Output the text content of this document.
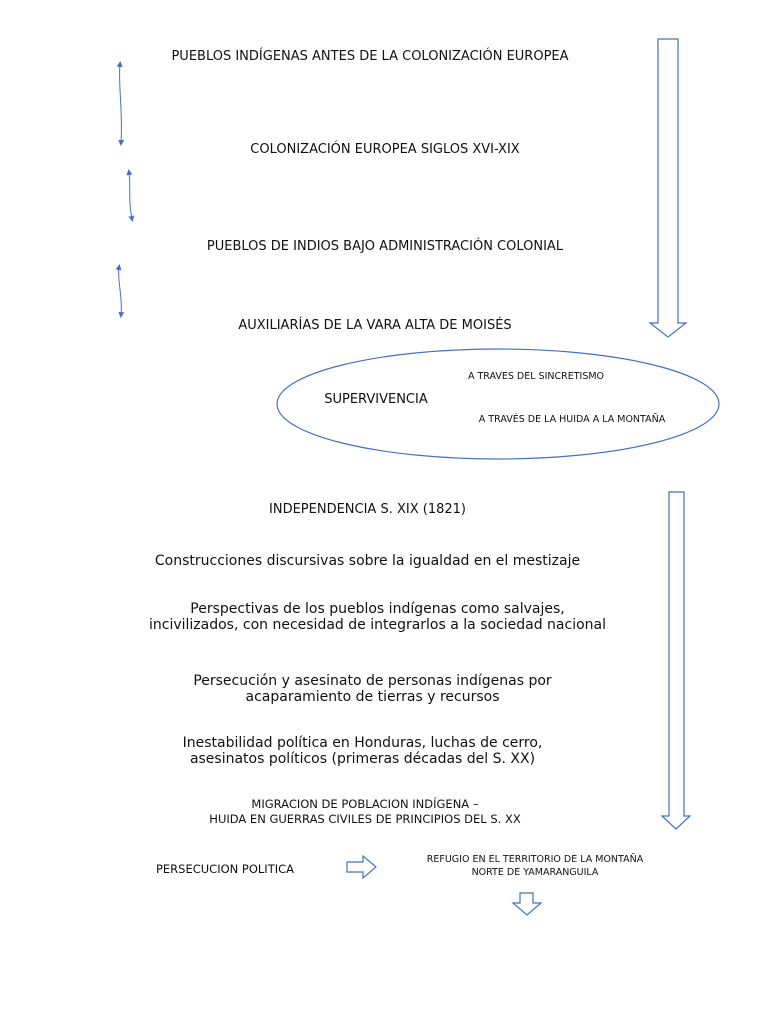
PUEBLOS INDÍGENAS ANTES DE LA COLONIZACIÓN EUROPEA
COLONIZACIÓN EUROPEA SIGLOS XVI-XIX
PUEBLOS DE INDIOS BAJO ADMINISTRACIÓN COLONIAL
AUXILIARÍAS DE LA VARA ALTA DE MOISÉS
SUPERVIVENCIA
A TRAVES DEL SINCRETISMO
A TRAVÉS DE LA HUIDA A LA MONTAÑA
INDEPENDENCIA S. XIX (1821)
Construcciones discursivas sobre la igualdad en el mestizaje
Perspectivas de los pueblos indígenas como salvajes,
incivilizados, con necesidad de integrarlos a la sociedad nacional
Persecución y asesinato de personas indígenas por
acaparamiento de tierras y recursos
Inestabilidad política en Honduras, luchas de cerro,
asesinatos políticos (primeras décadas del S. XX)
MIGRACION DE POBLACION INDÍGENA –
HUIDA EN GUERRAS CIVILES DE PRINCIPIOS DEL S. XX
PERSECUCION POLITICA
REFUGIO EN EL TERRITORIO DE LA MONTAÑA
NORTE DE YAMARANGUILA
